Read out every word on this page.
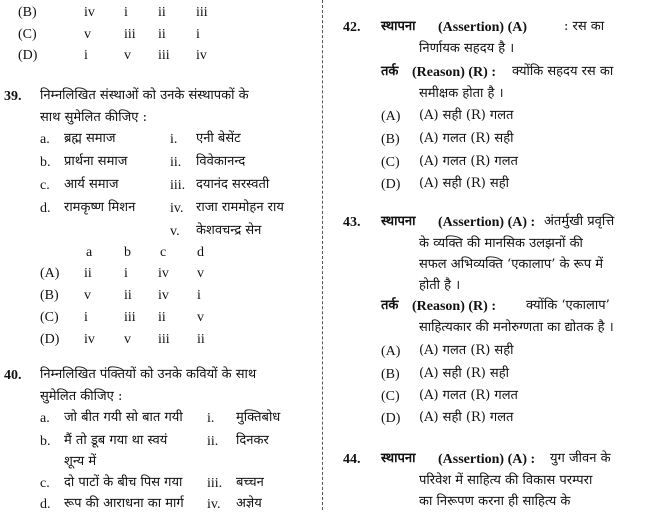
(B)	iv i ii iii
(C)	v iii ii i
(D)	i	v iii iv
39. निम्नलिखित संस्थाओं को उनके संस्थापकों के
साथ सुमेलित कीजिए :
a. ब्रह्म समाज	i. एनी बेसेंट
b. प्रार्थना समाज	ii. विवेकानन्द
c. आर्य समाज	iii. दयानंद सरस्वती
d. रामकृष्ण मिशन iv. राजा राममोहन राय
v. केशवचन्द्र सेन
a b c d
(A) ii i iv v
(B) v ii iv i
(C) i	iii ii v
(D) iv v iii ii
40. निम्नलिखित पंक्तियों को उनके कवियों के साथ
सुमेलित कीजिए :
a. जो बीत गयी सो बात गयी i. मुक्तिबोध
b. मैं तो डूब गया था स्वयं	ii. दिनकर
शून्य में
c. दो पाटों के बीच पिस गया iii. बच्चन
d. रूप की आराधना का मार्ग iv. अज्ञेय
42. स्थापना (Assertion) (A)	: रस का
निर्णायक सहदय है ।
तर्क (Reason) (R) : क्योंकि सहदय रस का
समीक्षक होता है ।
(A) (A) सही (R) गलत
(B) (A) गलत (R) सही
(C) (A) गलत (R) गलत
(D) (A) सही (R) सही
43. स्थापना (Assertion) (A) : अंतर्मुखी प्रवृत्ति
के व्यक्ति की मानसिक उलझनों की
सफल अभिव्यक्ति ‘एकालाप’ के रूप में
होती है ।
तर्क (Reason) (R) : क्योंकि ‘एकालाप’
साहित्यकार की मनोरुग्णता का द्योतक है ।
(A) (A) गलत (R) सही
(B) (A) सही (R) सही
(C) (A) गलत (R) गलत
(D) (A) सही (R) गलत
44. स्थापना (Assertion) (A) : युग जीवन के
परिवेश में साहित्य की विकास परम्परा
का निरूपण करना ही साहित्य के
